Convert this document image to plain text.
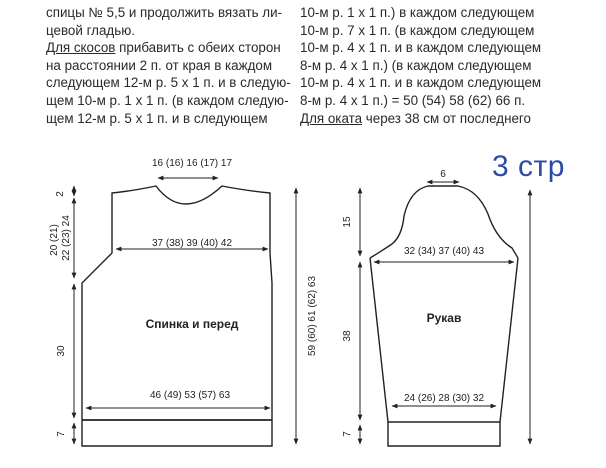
спицы № 5,5 и продолжить вязать ли-
цевой гладью.
Для скосов прибавить с обеих сторон
на расстоянии 2 п. от края в каждом
следующем 12-м р. 5 x 1 п. и в следую-
щем 10-м р. 1 x 1 п. (в каждом следую-
щем 12-м р. 5 x 1 п. и в следующем
10-м р. 1 x 1 п.) в каждом следующем
10-м р. 7 x 1 п. (в каждом следующем
10-м р. 4 x 1 п. и в каждом следующем
8-м р. 4 x 1 п.) (в каждом следующем
10-м р. 4 x 1 п. и в каждом следующем
8-м р. 4 x 1 п.) = 50 (54) 58 (62) 66 п.
Для оката через 38 см от последнего
3 стр
16 (16) 16 (17) 17
37 (38) 39 (40) 42
Спинка и перед
46 (49) 53 (57) 63
2
20 (21) 22 (23) 24
30
7
59 (60) 61 (62) 63
6
32 (34) 37 (40) 43
Рукав
24 (26) 28 (30) 32
15
38
7
